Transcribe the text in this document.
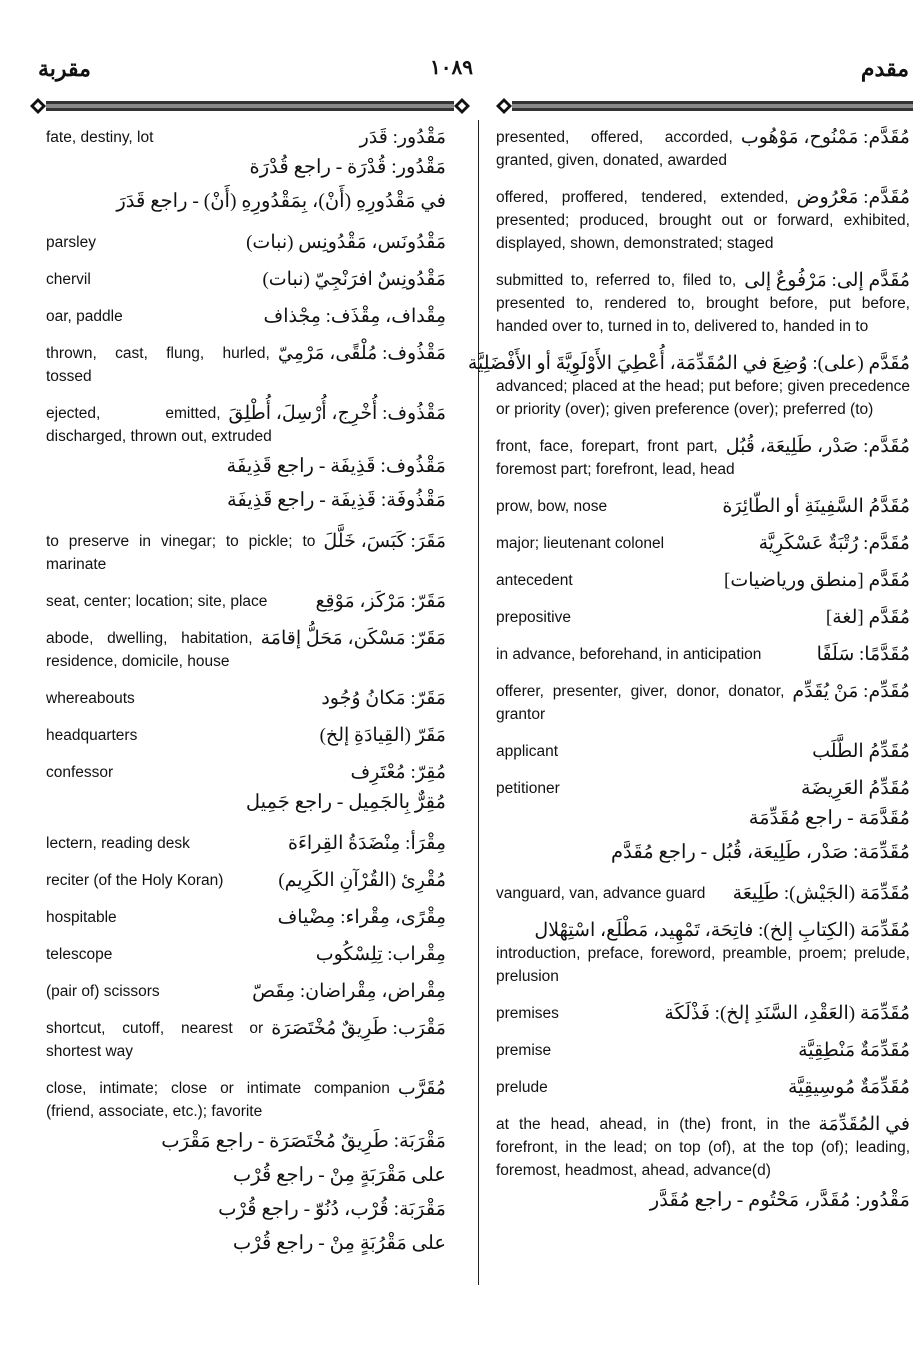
مقربة	١٠٨٩	مقدم
مَقْدُور: قَدَر
fate, destiny, lot
مَقْدُور: قُدْرَة - راجع قُدْرَة
في مَقْدُورِهِ (أَنْ)، بِمَقْدُورِهِ (أَنْ) - راجع قَدَرَ
مَقْدُونَس، مَقْدُونِس (نبات)
parsley
مَقْدُونِسٌ افرَنْجِيّ (نبات)
chervil
مِقْداف، مِقْذَف: مِجْذاف
oar, paddle
مَقْذُوف: مُلْقًى، مَرْمِيّ
thrown, cast, flung, hurled, tossed
مَقْذُوف: أُخْرِج، أُرْسِلَ، أُطْلِقَ
ejected, emitted, discharged, thrown out, extruded
مَقْذُوف: قَذِيفَة - راجع قَذِيفَة
مَقْذُوفَة: قَذِيفَة - راجع قَذِيفَة
مَقَرَ: كَبَسَ، خَلَّلَ
to preserve in vinegar; to pickle; to marinate
مَقَرّ: مَرْكَز، مَوْقِع
seat, center; location; site, place
مَقَرّ: مَسْكَن، مَحَلُّ إقامَة
abode, dwelling, habitation, residence, domicile, house
مَقَرّ: مَكانُ وُجُود
whereabouts
مَقَرّ (القِيادَةِ إلخ)
headquarters
مُقِرّ: مُعْتَرِف
confessor
مُقِرٌّ بِالجَمِيل - راجع جَمِيل
مِقْرَأ: مِنْضَدَةُ القِراءَة
lectern, reading desk
مُقْرِئ (القُرْآنِ الكَرِيم)
reciter (of the Holy Koran)
مِقْرًى، مِقْراء: مِضْياف
hospitable
مِقْراب: تِلِسْكُوب
telescope
مِقْراض، مِقْراضان: مِقَصّ
(pair of) scissors
مَقْرَب: طَرِيقٌ مُخْتَصَرَة
shortcut, cutoff, nearest or shortest way
مُقَرَّب
close, intimate; close or intimate companion (friend, associate, etc.); favorite
مَقْرَبَة: طَرِيقٌ مُخْتَصَرَة - راجع مَقْرَب
على مَقْرَبَةٍ مِنْ - راجع قُرْب
مَقْرَبَة: قُرْب، دُنُوّ - راجع قُرْب
على مَقْرُبَةٍ مِنْ - راجع قُرْب
مُقَدَّم: مَمْنُوح، مَوْهُوب
presented, offered, accorded, granted, given, donated, awarded
مُقَدَّم: مَعْرُوض
offered, proffered, tendered, extended, presented; produced, brought out or forward, exhibited, displayed, shown, demonstrated; staged
مُقَدَّم إلى: مَرْفُوعٌ إلى
submitted to, referred to, filed to, presented to, rendered to, brought before, put before, handed over to, turned in to, delivered to, handed in to
مُقَدَّم (على): وُضِعَ في المُقَدِّمَة، أُعْطِيَ الأَوْلَوِيَّةَ أو الأَفْضَلِيَّة
advanced; placed at the head; put before; given precedence or priority (over); given preference (over); preferred (to)
مُقَدَّم: صَدْر، طَلِيعَة، قُبُل
front, face, forepart, front part, foremost part; forefront, lead, head
مُقَدَّمُ السَّفِينَةِ أو الطّائِرَة
prow, bow, nose
مُقَدَّم: رُتْبَةٌ عَسْكَرِيَّة
major; lieutenant colonel
مُقَدَّم [منطق ورياضيات]
antecedent
مُقَدَّم [لغة]
prepositive
مُقَدَّمًا: سَلَفًا
in advance, beforehand, in anticipation
مُقَدِّم: مَنْ يُقَدِّم
offerer, presenter, giver, donor, donator, grantor
مُقَدِّمُ الطَّلَب
applicant
مُقَدِّمُ العَرِيضَة
petitioner
مُقَدَّمَة - راجع مُقَدِّمَة
مُقَدِّمَة: صَدْر، طَلِيعَة، قُبُل - راجع مُقَدَّم
مُقَدِّمَة (الجَيْش): طَلِيعَة
vanguard, van, advance guard
مُقَدِّمَة (الكِتابِ إلخ): فاتِحَة، تَمْهِيد، مَطْلَع، اسْتِهْلال
introduction, preface, foreword, preamble, proem; prelude, prelusion
مُقَدِّمَة (العَقْدِ، السَّنَدِ إلخ): فَذْلَكَة
premises
مُقَدِّمَةٌ مَنْطِقِيَّة
premise
مُقَدِّمَةٌ مُوسِيقِيَّة
prelude
في المُقَدِّمَة
at the head, ahead, in (the) front, in the forefront, in the lead; on top (of), at the top (of); leading, foremost, headmost, ahead, advance(d)
مَقْدُور: مُقَدَّر، مَحْتُوم - راجع مُقَدَّر
